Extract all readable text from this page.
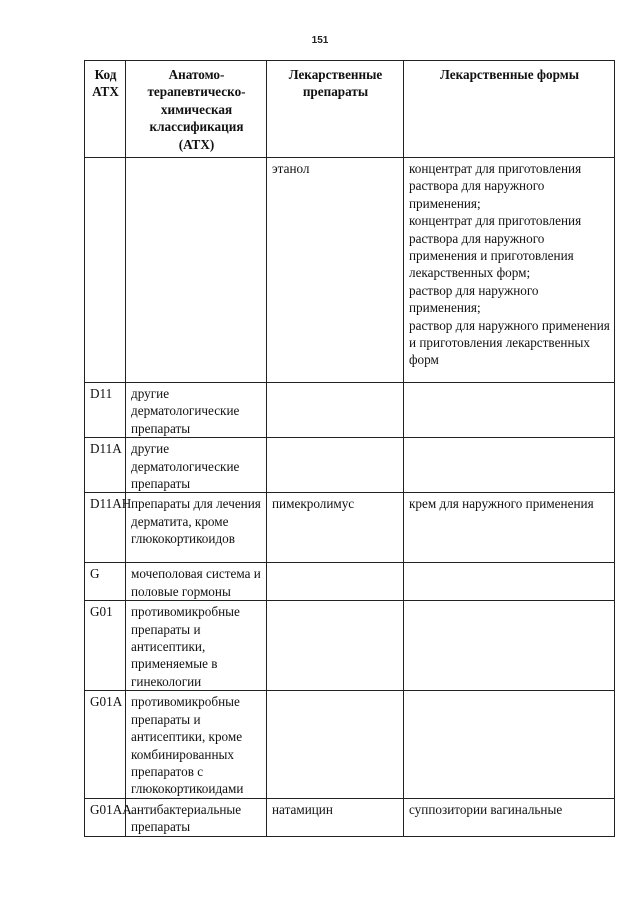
151
Код АТХ	Анатомо-терапевтическо-химическая классификация (АТХ)	Лекарственные препараты	Лекарственные формы
		этанол	концентрат для приготовления раствора для наружного применения;
концентрат для приготовления раствора для наружного применения и приготовления лекарственных форм;
раствор для наружного применения;
раствор для наружного применения и приготовления лекарственных форм
D11	другие дерматологические препараты		
D11A	другие дерматологические препараты		
D11AH	препараты для лечения дерматита, кроме глюкокортикоидов	пимекролимус	крем для наружного применения
G	мочеполовая система и половые гормоны		
G01	противомикробные препараты и антисептики, применяемые в гинекологии		
G01A	противомикробные препараты и антисептики, кроме комбинированных препаратов с глюкокортикоидами		
G01AA	антибактериальные препараты	натамицин	суппозитории вагинальные
